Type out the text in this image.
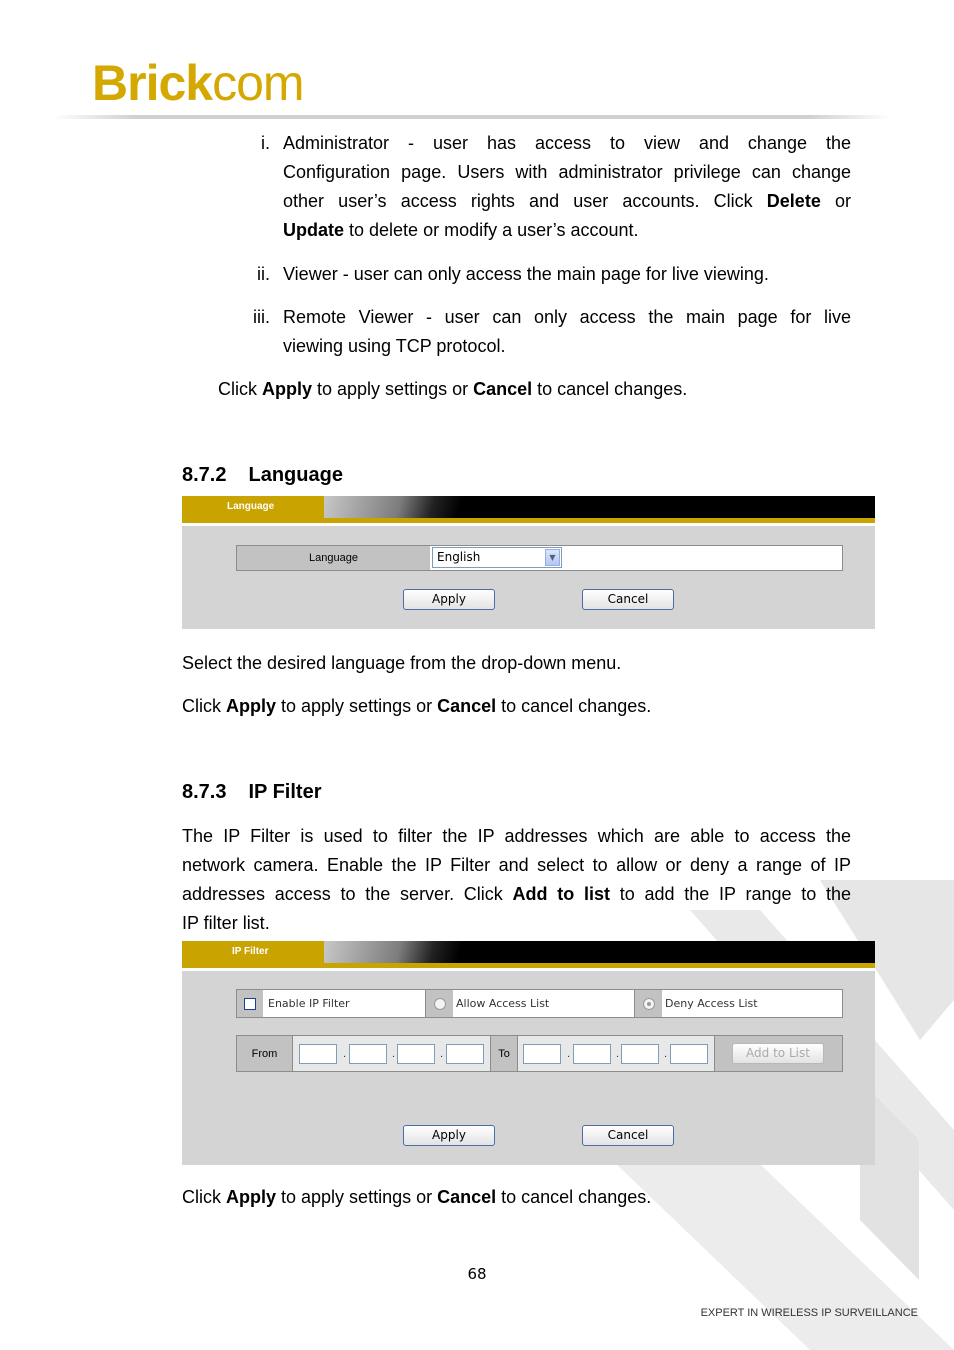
Brickcom
i. Administrator - user has access to view and change the
Configuration page. Users with administrator privilege can change
other user’s access rights and user accounts. Click Delete or
Update to delete or modify a user’s account.
ii. Viewer - user can only access the main page for live viewing.
iii. Remote Viewer - user can only access the main page for live
viewing using TCP protocol.
Click Apply to apply settings or Cancel to cancel changes.
8.7.2 Language
Language
Language	English	▼
Apply	Cancel
Select the desired language from the drop-down menu.
Click Apply to apply settings or Cancel to cancel changes.
8.7.3 IP Filter
The IP Filter is used to filter the IP addresses which are able to access the
network camera. Enable the IP Filter and select to allow or deny a range of IP
addresses access to the server. Click Add to list to add the IP range to the
IP filter list.
IP Filter
Enable IP Filter	Allow Access List	Deny Access List
From	.	.	.	To	.	.	.	Add to List
Apply	Cancel
Click Apply to apply settings or Cancel to cancel changes.
68
EXPERT IN WIRELESS IP SURVEILLANCE
